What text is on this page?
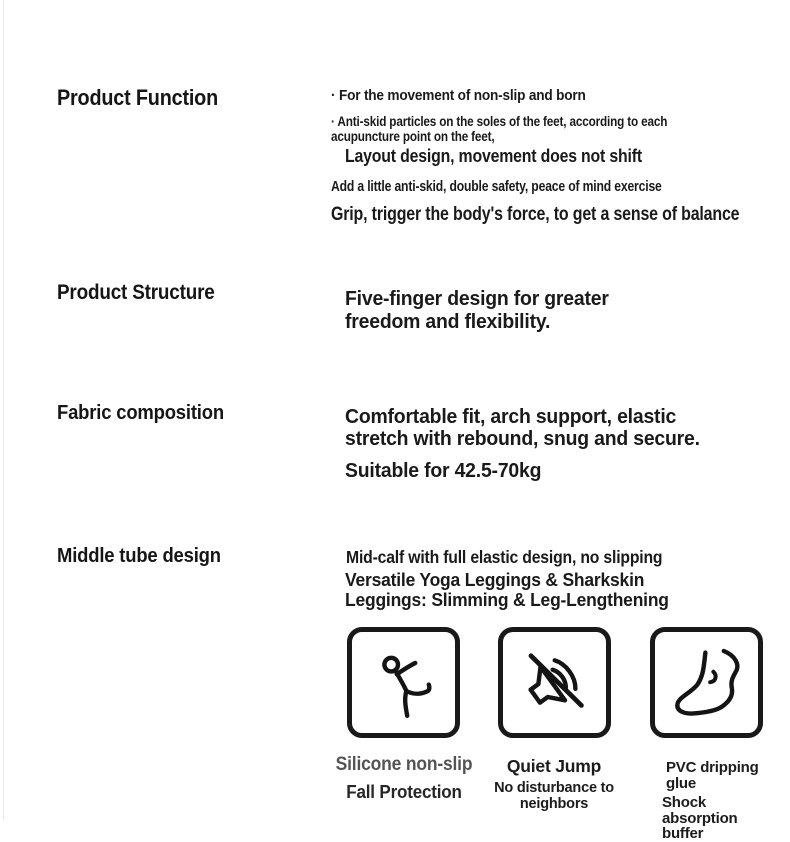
Product Function	· For the movement of non-slip and born
· Anti-skid particles on the soles of the feet, according to each
acupuncture point on the feet,
Layout design, movement does not shift
Add a little anti-skid, double safety, peace of mind exercise
Grip, trigger the body's force, to get a sense of balance
Product Structure	Five-finger design for greater
freedom and flexibility.
Fabric composition	Comfortable fit, arch support, elastic
stretch with rebound, snug and secure.
Suitable for 42.5-70kg
Middle tube design	Mid-calf with full elastic design, no slipping
Versatile Yoga Leggings & Sharkskin
Leggings: Slimming & Leg-Lengthening
Silicone non-slip
Fall Protection
Quiet Jump
No disturbance to
neighbors
PVC dripping glue
Shock absorption
buffer
